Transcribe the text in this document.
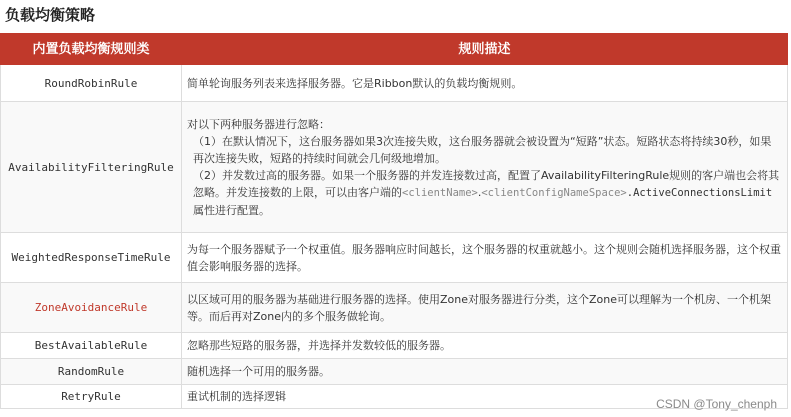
负载均衡策略
内置负载均衡规则类	规则描述
RoundRobinRule	简单轮询服务列表来选择服务器。它是Ribbon默认的负载均衡规则。
AvailabilityFilteringRule	对以下两种服务器进行忽略：

（1）在默认情况下，这台服务器如果3次连接失败，这台服务器就会被设置为“短路”状态。短路状态将持续30秒，如果再次连接失败，短路的持续时间就会几何级地增加。

（2）并发数过高的服务器。如果一个服务器的并发连接数过高，配置了AvailabilityFilteringRule规则的客户端也会将其忽略。并发连接数的上限，可以由客户端的<clientName>.<clientConfigNameSpace>.ActiveConnectionsLimit属性进行配置。

WeightedResponseTimeRule	为每一个服务器赋予一个权重值。服务器响应时间越长，这个服务器的权重就越小。这个规则会随机选择服务器，这个权重值会影响服务器的选择。
ZoneAvoidanceRule	以区域可用的服务器为基础进行服务器的选择。使用Zone对服务器进行分类，这个Zone可以理解为一个机房、一个机架等。而后再对Zone内的多个服务做轮询。
BestAvailableRule	忽略那些短路的服务器，并选择并发数较低的服务器。
RandomRule	随机选择一个可用的服务器。
RetryRule	重试机制的选择逻辑
CSDN @Tony_chenph
